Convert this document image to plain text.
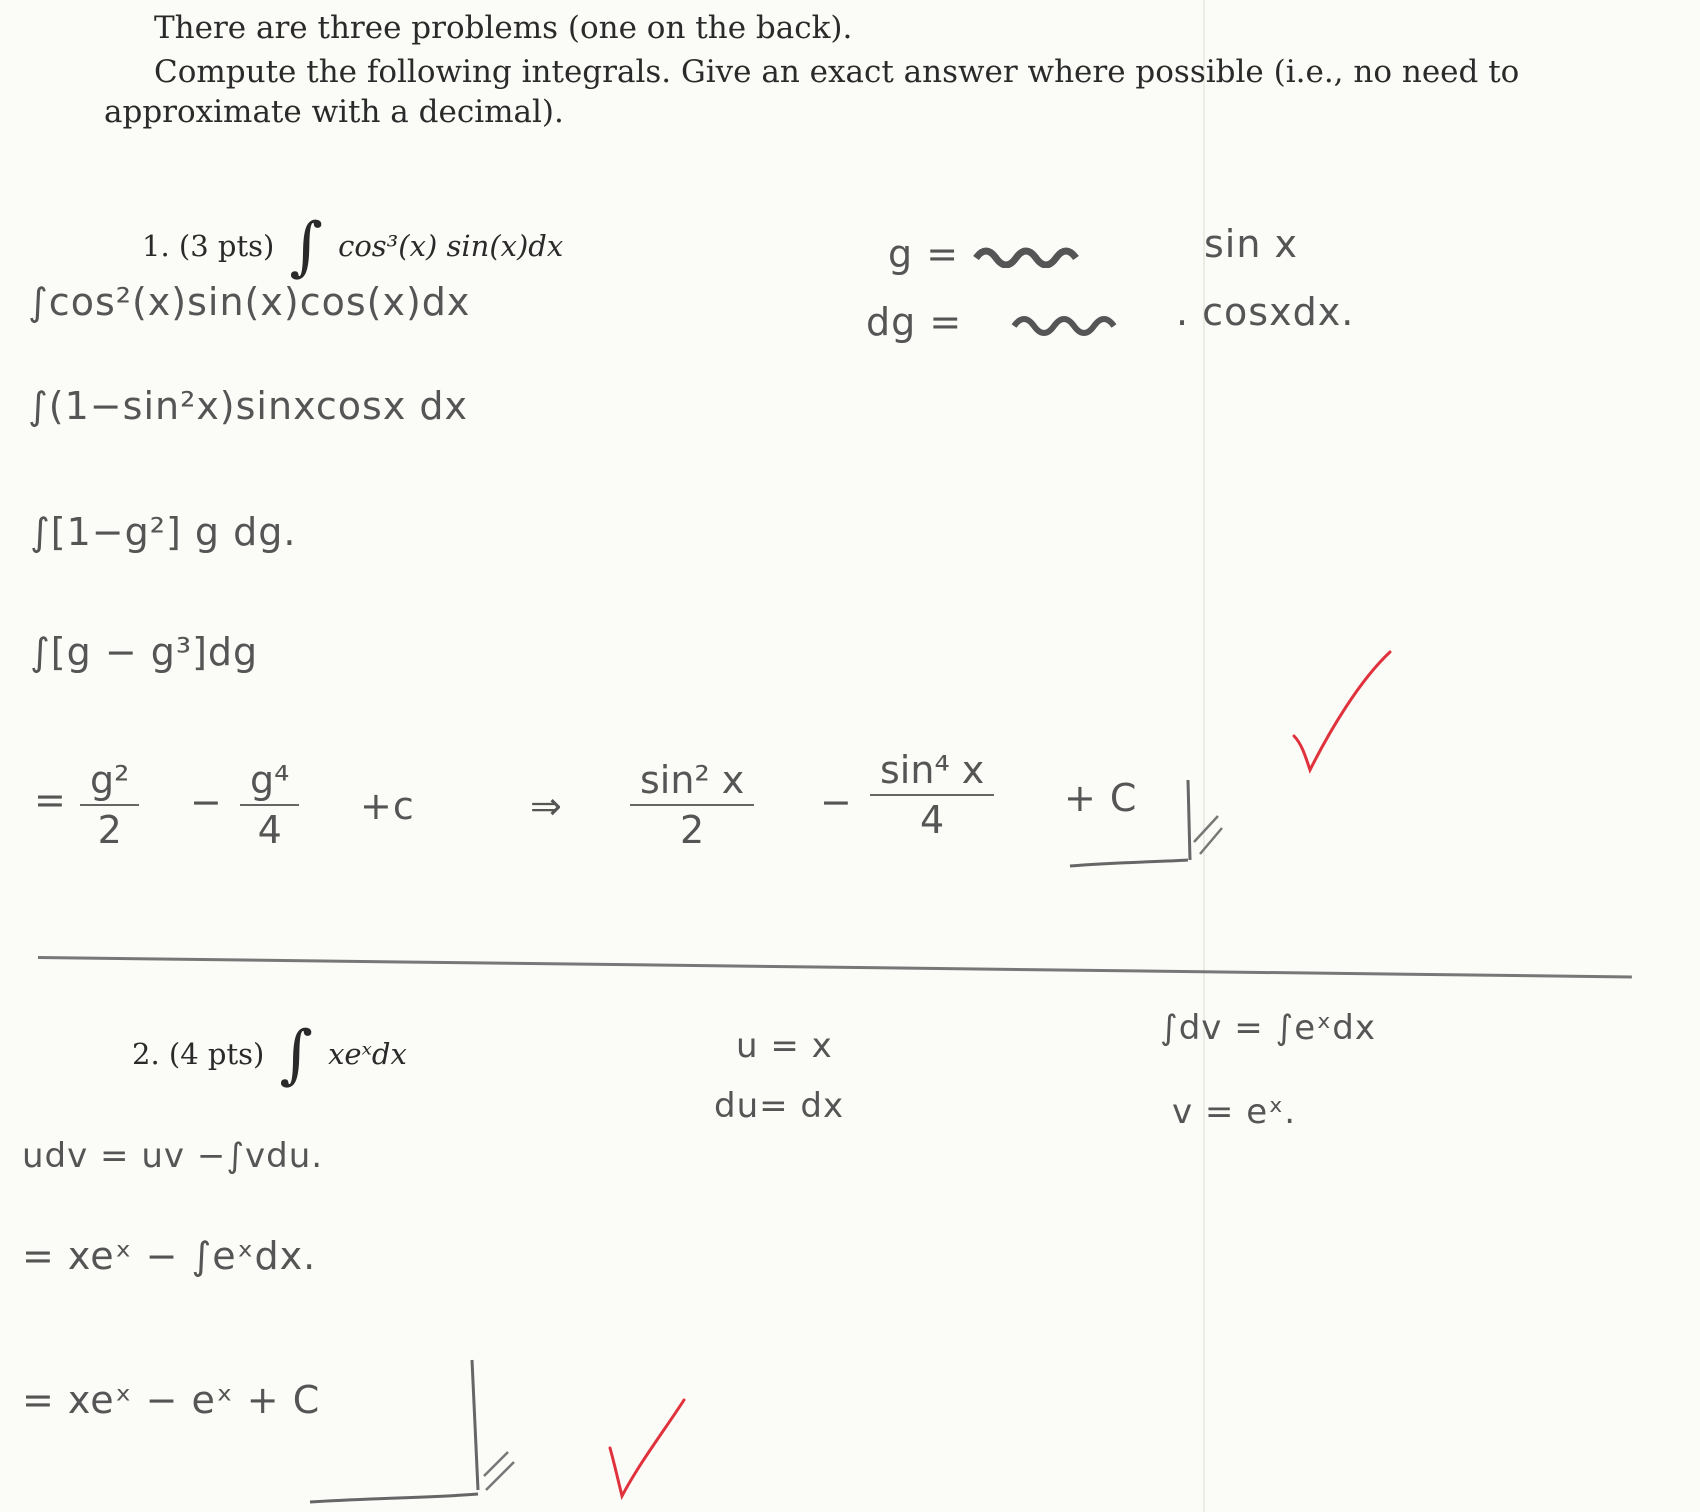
There are three problems (one on the back).
Compute the following integrals. Give an exact answer where possible (i.e., no need to
approximate with a decimal).
1. (3 pts) ∫ cos³(x) sin(x)dx
∫cos²(x)sin(x)cos(x)dx
∫(1−sin²x)sinxcosx dx
∫[1−g²] g dg.
∫[g − g³]dg
= $\frac{\text{g²}}{2} - \frac{\text{g⁴}}{4} +c$	⇒ $\frac{\text{sin² x}}{2} - \frac{\text{sin⁴ x}}{4} + C$
g =	sin x
dg =	. cosxdx.
2. (4 pts) ∫ xeˣdx	u = x
du= dx
∫dv = ∫eˣdx
v = eˣ.
udv = uv −∫vdu.
= xeˣ − ∫eˣdx.
= xeˣ − eˣ + C
